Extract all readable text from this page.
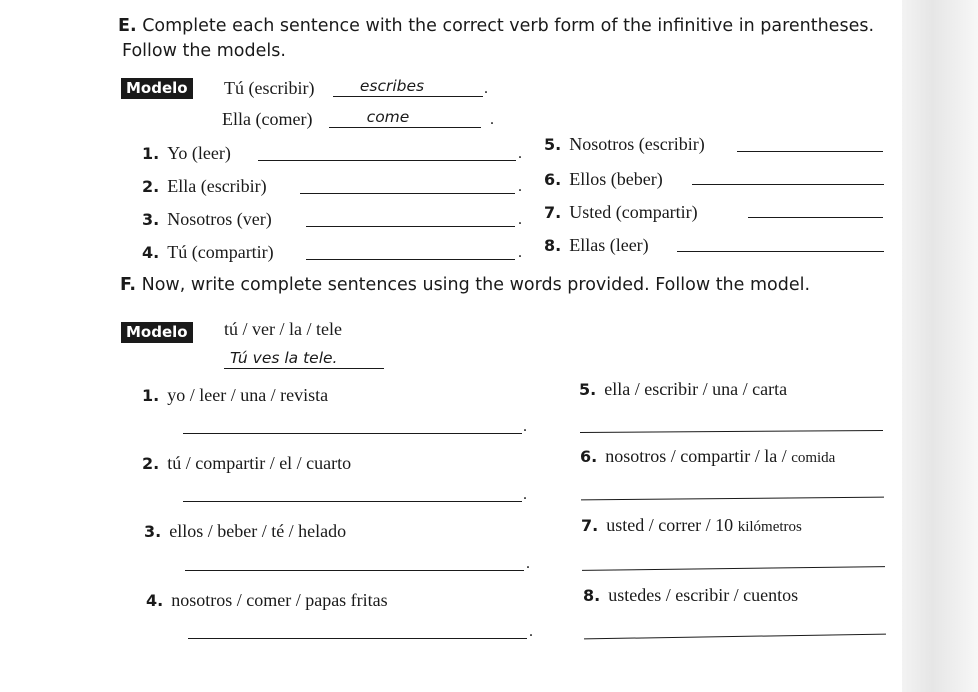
E. Complete each sentence with the correct verb form of the infinitive in parentheses.
Follow the models.
Modelo Tú (escribir)	escribes	.
Ella (comer)	come	.
1. Yo (leer)	.
2. Ella (escribir)	.
3. Nosotros (ver)	.
4. Tú (compartir)	.
5. Nosotros (escribir)
6. Ellos (beber)
7. Usted (compartir)
8. Ellas (leer)
F. Now, write complete sentences using the words provided. Follow the model.
Modelo tú / ver / la / tele
Tú ves la tele.
1. yo / leer / una / revista
.
2. tú / compartir / el / cuarto
.
3. ellos / beber / té / helado
.
4. nosotros / comer / papas fritas
.
5. ella / escribir / una / carta
6. nosotros / compartir / la / comida
7. usted / correr / 10 kilómetros
8. ustedes / escribir / cuentos
